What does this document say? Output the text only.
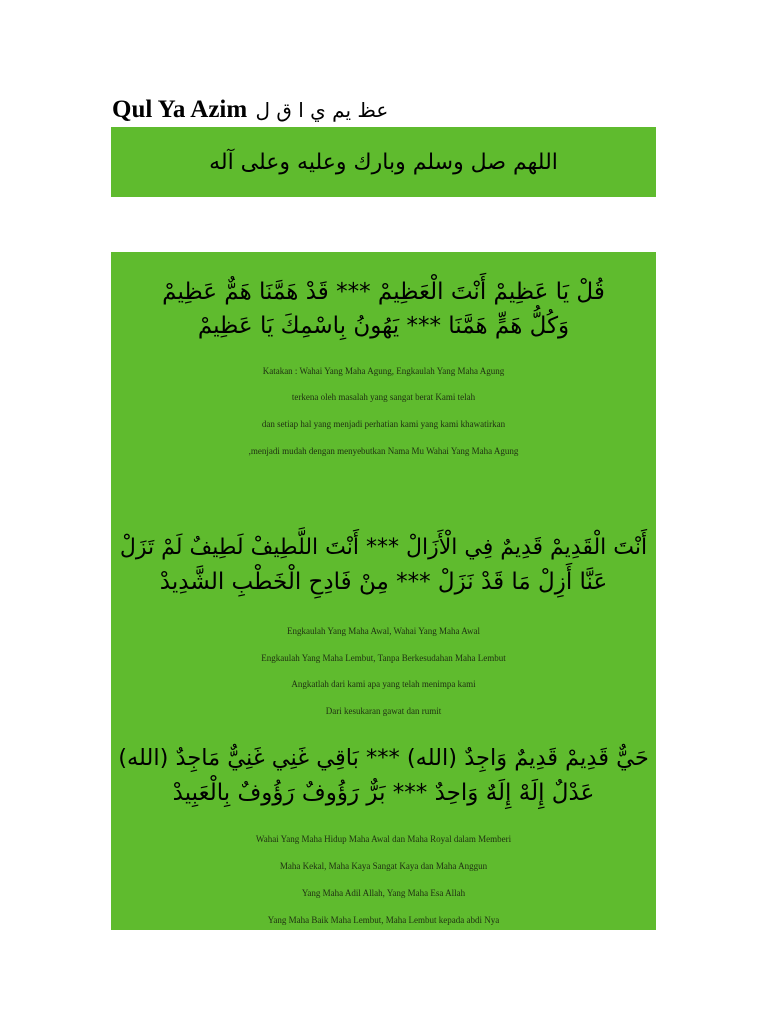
Qul Ya Azim عظ يم ي ا ق ل
اللهم صل وسلم وبارك وعليه وعلى آله
قُلْ يَا عَظِيمْ أَنْتَ الْعَظِيمْ *** قَدْ هَمَّنَا هَمٌّ عَظِيمْ
وَكُلُّ هَمٍّ هَمَّنَا *** يَهُونُ بِاسْمِكَ يَا عَظِيمْ
Katakan : Wahai Yang Maha Agung, Engkaulah Yang Maha Agung
terkena oleh masalah yang sangat berat Kami telah
dan setiap hal yang menjadi perhatian kami yang kami khawatirkan
,menjadi mudah dengan menyebutkan Nama Mu Wahai Yang Maha Agung
أَنْتَ الْقَدِيمْ قَدِيمٌ فِي الْأَزَالْ *** أَنْتَ اللَّطِيفْ لَطِيفٌ لَمْ تَزَلْ
عَنَّا أَزِلْ مَا قَدْ نَزَلْ *** مِنْ فَادِحِ الْخَطْبِ الشَّدِيدْ
Engkaulah Yang Maha Awal, Wahai Yang Maha Awal
Engkaulah Yang Maha Lembut, Tanpa Berkesudahan Maha Lembut
Angkatlah dari kami apa yang telah menimpa kami
Dari kesukaran gawat dan rumit
حَيٌّ قَدِيمْ قَدِيمٌ وَاجِدٌ (الله) *** بَاقِي غَنِي غَنِيٌّ مَاجِدٌ (الله)
عَدْلٌ إِلَهْ إِلَهٌ وَاحِدٌ *** بَرٌّ رَؤُوفٌ رَؤُوفٌ بِالْعَبِيدْ
Wahai Yang Maha Hidup Maha Awal dan Maha Royal dalam Memberi
Maha Kekal, Maha Kaya Sangat Kaya dan Maha Anggun
Yang Maha Adil Allah, Yang Maha Esa Allah
Yang Maha Baik Maha Lembut, Maha Lembut kepada abdi Nya
